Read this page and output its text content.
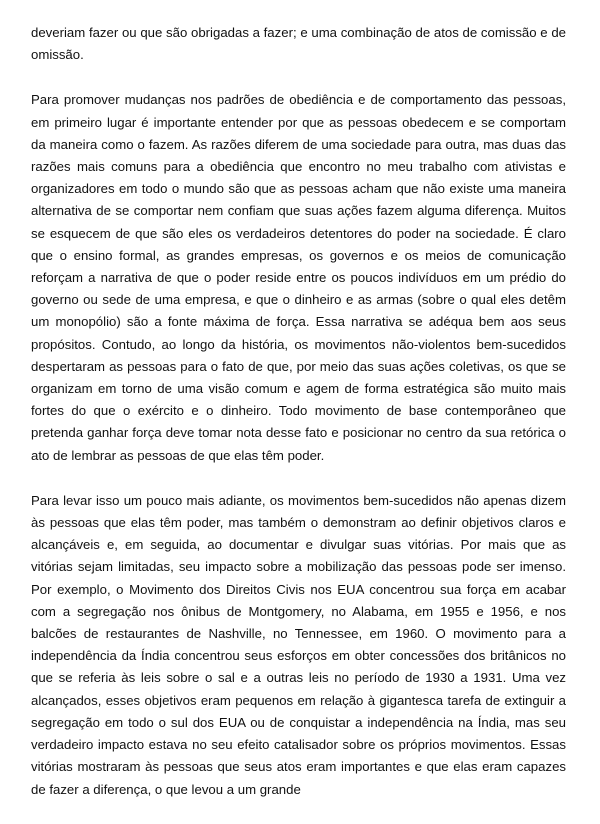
deveriam fazer ou que são obrigadas a fazer; e uma combinação de atos de comissão e de omissão.

Para promover mudanças nos padrões de obediência e de comportamento das pessoas, em primeiro lugar é importante entender por que as pessoas obedecem e se comportam da maneira como o fazem. As razões diferem de uma sociedade para outra, mas duas das razões mais comuns para a obediência que encontro no meu trabalho com ativistas e organizadores em todo o mundo são que as pessoas acham que não existe uma maneira alternativa de se comportar nem confiam que suas ações fazem alguma diferença. Muitos se esquecem de que são eles os verdadeiros detentores do poder na sociedade. É claro que o ensino formal, as grandes empresas, os governos e os meios de comunicação reforçam a narrativa de que o poder reside entre os poucos indivíduos em um prédio do governo ou sede de uma empresa, e que o dinheiro e as armas (sobre o qual eles detêm um monopólio) são a fonte máxima de força. Essa narrativa se adéqua bem aos seus propósitos. Contudo, ao longo da história, os movimentos não-violentos bem-sucedidos despertaram as pessoas para o fato de que, por meio das suas ações coletivas, os que se organizam em torno de uma visão comum e agem de forma estratégica são muito mais fortes do que o exército e o dinheiro. Todo movimento de base contemporâneo que pretenda ganhar força deve tomar nota desse fato e posicionar no centro da sua retórica o ato de lembrar as pessoas de que elas têm poder.

Para levar isso um pouco mais adiante, os movimentos bem-sucedidos não apenas dizem às pessoas que elas têm poder, mas também o demonstram ao definir objetivos claros e alcançáveis e, em seguida, ao documentar e divulgar suas vitórias. Por mais que as vitórias sejam limitadas, seu impacto sobre a mobilização das pessoas pode ser imenso. Por exemplo, o Movimento dos Direitos Civis nos EUA concentrou sua força em acabar com a segregação nos ônibus de Montgomery, no Alabama, em 1955 e 1956, e nos balcões de restaurantes de Nashville, no Tennessee, em 1960. O movimento para a independência da Índia concentrou seus esforços em obter concessões dos britânicos no que se referia às leis sobre o sal e a outras leis no período de 1930 a 1931. Uma vez alcançados, esses objetivos eram pequenos em relação à gigantesca tarefa de extinguir a segregação em todo o sul dos EUA ou de conquistar a independência na Índia, mas seu verdadeiro impacto estava no seu efeito catalisador sobre os próprios movimentos. Essas vitórias mostraram às pessoas que seus atos eram importantes e que elas eram capazes de fazer a diferença, o que levou a um grande
